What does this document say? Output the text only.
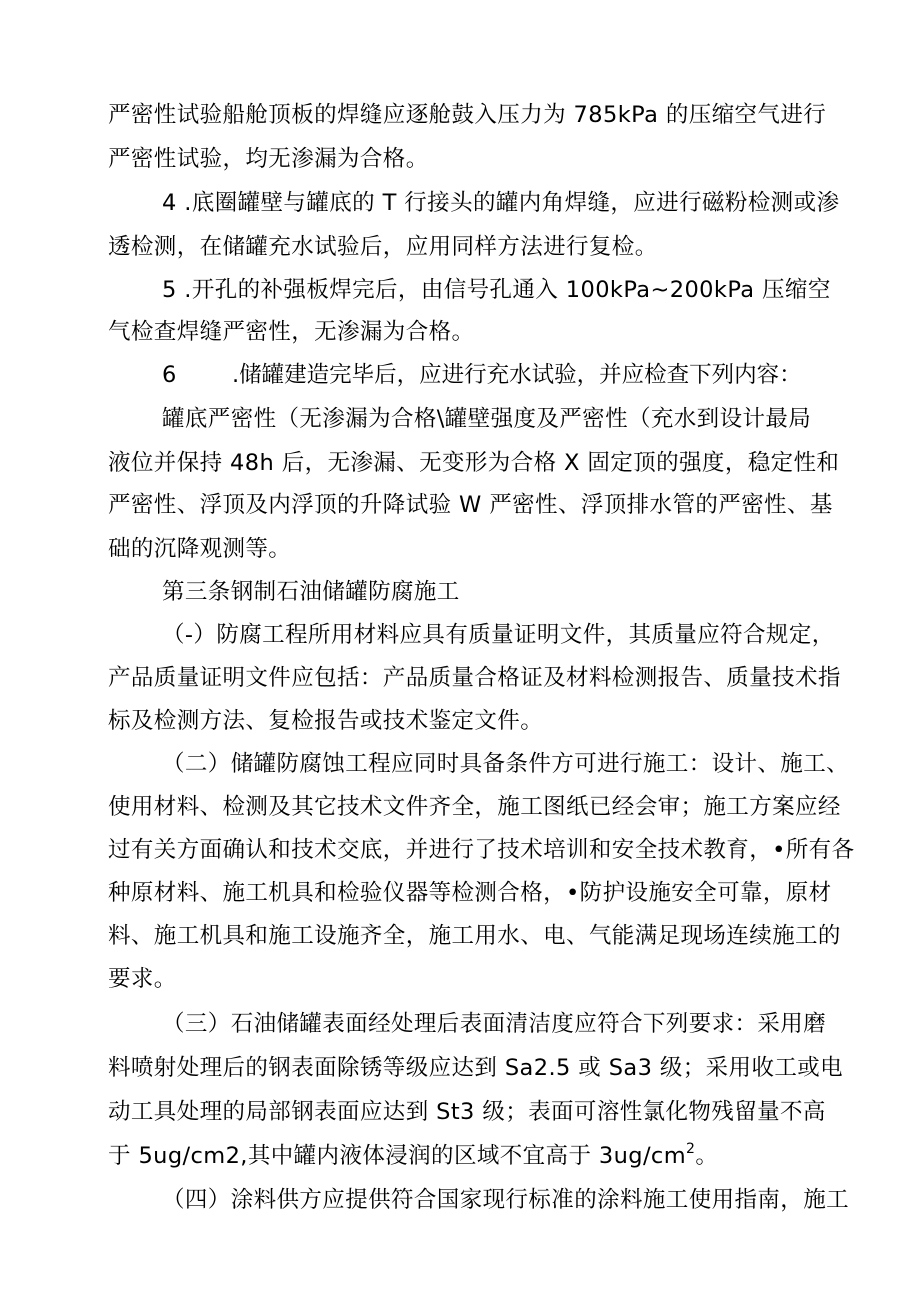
严密性试验船舱顶板的焊缝应逐舱鼓入压力为 785kPa 的压缩空气进行
严密性试验，均无渗漏为合格。
4 .底圈罐壁与罐底的 T 行接头的罐内角焊缝，应进行磁粉检测或渗
透检测，在储罐充水试验后，应用同样方法进行复检。
5 .开孔的补强板焊完后，由信号孔通入 100kPa~200kPa 压缩空
气检查焊缝严密性，无渗漏为合格。
6 .储罐建造完毕后，应进行充水试验，并应检查下列内容：
罐底严密性（无渗漏为合格\罐壁强度及严密性（充水到设计最局
液位并保持 48h 后，无渗漏、无变形为合格 X 固定顶的强度，稳定性和
严密性、浮顶及内浮顶的升降试验 W 严密性、浮顶排水管的严密性、基
础的沉降观测等。
第三条钢制石油储罐防腐施工
（-）防腐工程所用材料应具有质量证明文件，其质量应符合规定，
产品质量证明文件应包括：产品质量合格证及材料检测报告、质量技术指
标及检测方法、复检报告或技术鉴定文件。
（二）储罐防腐蚀工程应同时具备条件方可进行施工：设计、施工、
使用材料、检测及其它技术文件齐全，施工图纸已经会审；施工方案应经
过有关方面确认和技术交底，并进行了技术培训和安全技术教育，•所有各
种原材料、施工机具和检验仪器等检测合格，•防护设施安全可靠，原材
料、施工机具和施工设施齐全，施工用水、电、气能满足现场连续施工的
要求。
（三）石油储罐表面经处理后表面清洁度应符合下列要求：采用磨
料喷射处理后的钢表面除锈等级应达到 Sa2.5 或 Sa3 级；采用收工或电
动工具处理的局部钢表面应达到 St3 级；表面可溶性氯化物残留量不高
于 5ug∕cm2,其中罐内液体浸润的区域不宜高于 $3ug∕cm^2$。
（四）涂料供方应提供符合国家现行标准的涂料施工使用指南，施工
